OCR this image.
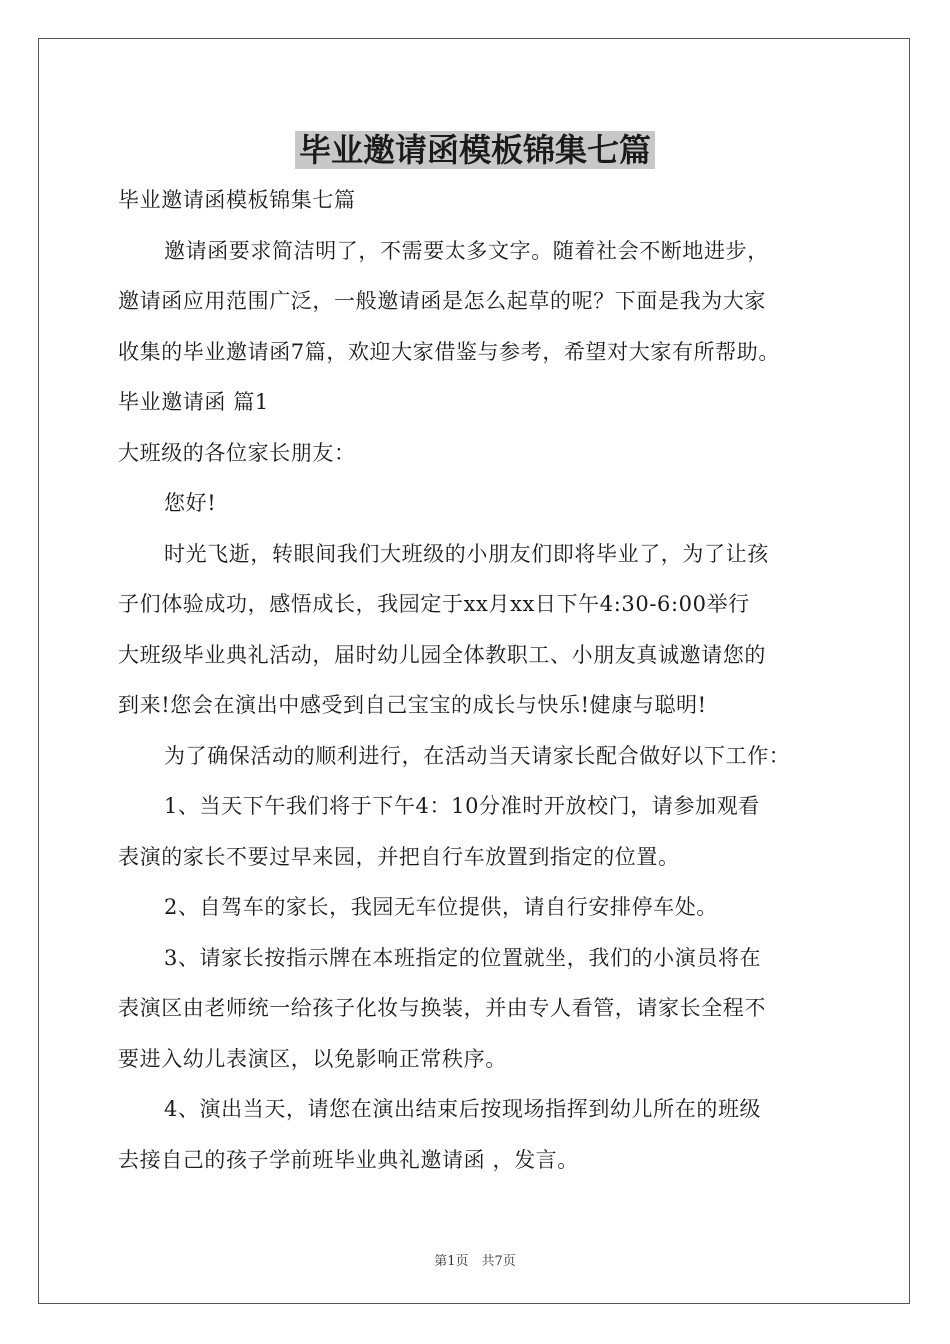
毕业邀请函模板锦集七篇
毕业邀请函模板锦集七篇
邀请函要求简洁明了，不需要太多文字。随着社会不断地进步，
邀请函应用范围广泛，一般邀请函是怎么起草的呢？下面是我为大家
收集的毕业邀请函7篇，欢迎大家借鉴与参考，希望对大家有所帮助。
毕业邀请函 篇1
大班级的各位家长朋友：
您好!
时光飞逝，转眼间我们大班级的小朋友们即将毕业了，为了让孩
子们体验成功，感悟成长，我园定于xx月xx日下午4:30-6:00举行
大班级毕业典礼活动，届时幼儿园全体教职工、小朋友真诚邀请您的
到来!您会在演出中感受到自己宝宝的成长与快乐!健康与聪明!
为了确保活动的顺利进行，在活动当天请家长配合做好以下工作：
1、当天下午我们将于下午4：10分准时开放校门，请参加观看
表演的家长不要过早来园，并把自行车放置到指定的位置。
2、自驾车的家长，我园无车位提供，请自行安排停车处。
3、请家长按指示牌在本班指定的位置就坐，我们的小演员将在
表演区由老师统一给孩子化妆与换装，并由专人看管，请家长全程不
要进入幼儿表演区，以免影响正常秩序。
4、演出当天，请您在演出结束后按现场指挥到幼儿所在的班级
去接自己的孩子学前班毕业典礼邀请函 ，发言。
第1页　共7页
